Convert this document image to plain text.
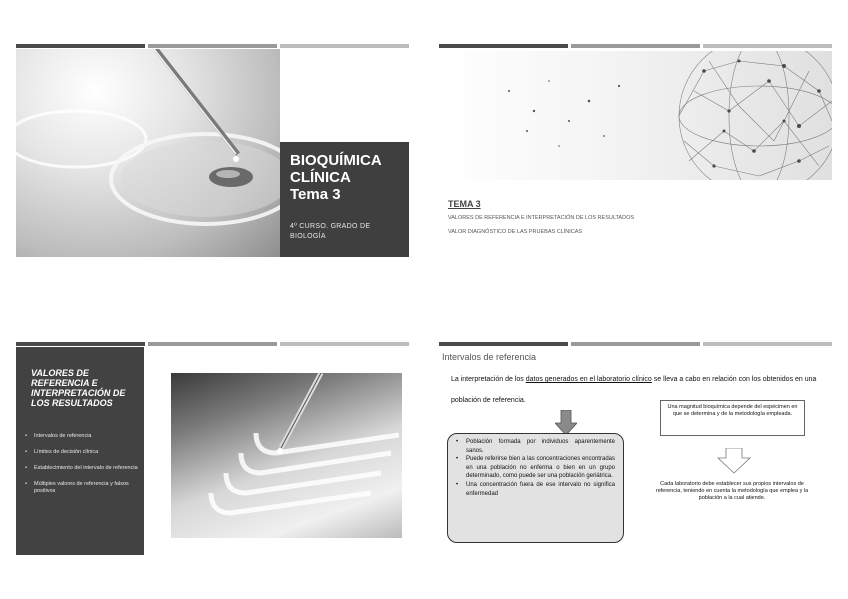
BIOQUÍMICA
CLÍNICA
Tema 3
4º CURSO. GRADO DE BIOLOGÍA
TEMA 3
VALORES DE REFERENCIA E INTERPRETACIÓN DE LOS RESULTADOS
VALOR DIAGNÓSTICO DE LAS PRUEBAS CLÍNICAS
VALORES DE REFERENCIA E INTERPRETACIÓN DE LOS RESULTADOS
▪ Intervalos de referencia
▪ Límites de decisión clínica
▪ Establecimiento del intervalo de referencia
▪ Múltiples valores de referencia y falsos positivos
Intervalos de referencia
La interpretación de los datos generados en el laboratorio clínico se lleva a cabo en relación con los obtenidos en una población de referencia.
• Población formada por individuos aparentemente sanos.
• Puede referirse bien a las concentraciones encontradas en una población no enferma o bien en un grupo determinado, como puede ser una población geriátrica.
• Una concentración fuera de ese intervalo no significa enfermedad
Una magnitud bioquímica depende del espécimen en que se determina y de la metodología empleada.
Cada laboratorio debe establecer sus propios intervalos de referencia, teniendo en cuenta la metodología que emplea y la población a la cual atiende.
